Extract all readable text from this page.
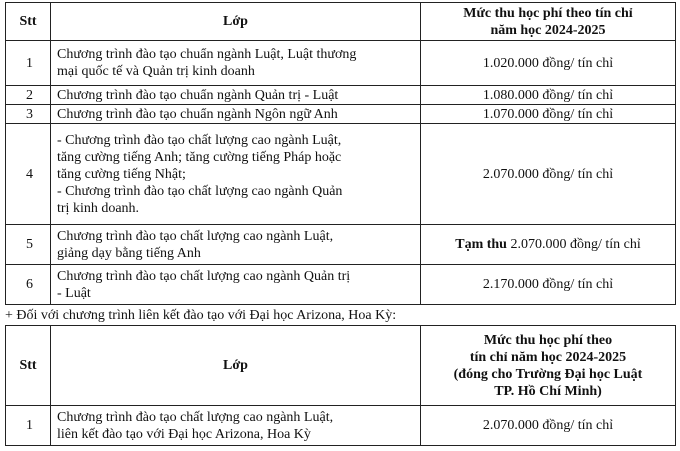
Stt	Lớp	Mức thu học phí theo tín chỉ
năm học 2024-2025

1	Chương trình đào tạo chuẩn ngành Luật, Luật thương
mại quốc tế và Quản trị kinh doanh	1.020.000 đồng/ tín chỉ
2	Chương trình đào tạo chuẩn ngành Quản trị - Luật	1.080.000 đồng/ tín chỉ
3	Chương trình đào tạo chuẩn ngành Ngôn ngữ Anh	1.070.000 đồng/ tín chỉ
4	- Chương trình đào tạo chất lượng cao ngành Luật,
tăng cường tiếng Anh; tăng cường tiếng Pháp hoặc
tăng cường tiếng Nhật;
- Chương trình đào tạo chất lượng cao ngành Quản
trị kinh doanh.	2.070.000 đồng/ tín chỉ
5	Chương trình đào tạo chất lượng cao ngành Luật,
giảng dạy bằng tiếng Anh	Tạm thu 2.070.000 đồng/ tín chỉ
6	Chương trình đào tạo chất lượng cao ngành Quản trị
- Luật	2.170.000 đồng/ tín chỉ
+ Đối với chương trình liên kết đào tạo với Đại học Arizona, Hoa Kỳ:
Stt	Lớp	Mức thu học phí theo
tín chỉ năm học 2024-2025
(đóng cho Trường Đại học Luật
TP. Hồ Chí Minh)

1	Chương trình đào tạo chất lượng cao ngành Luật,
liên kết đào tạo với Đại học Arizona, Hoa Kỳ	2.070.000 đồng/ tín chỉ
